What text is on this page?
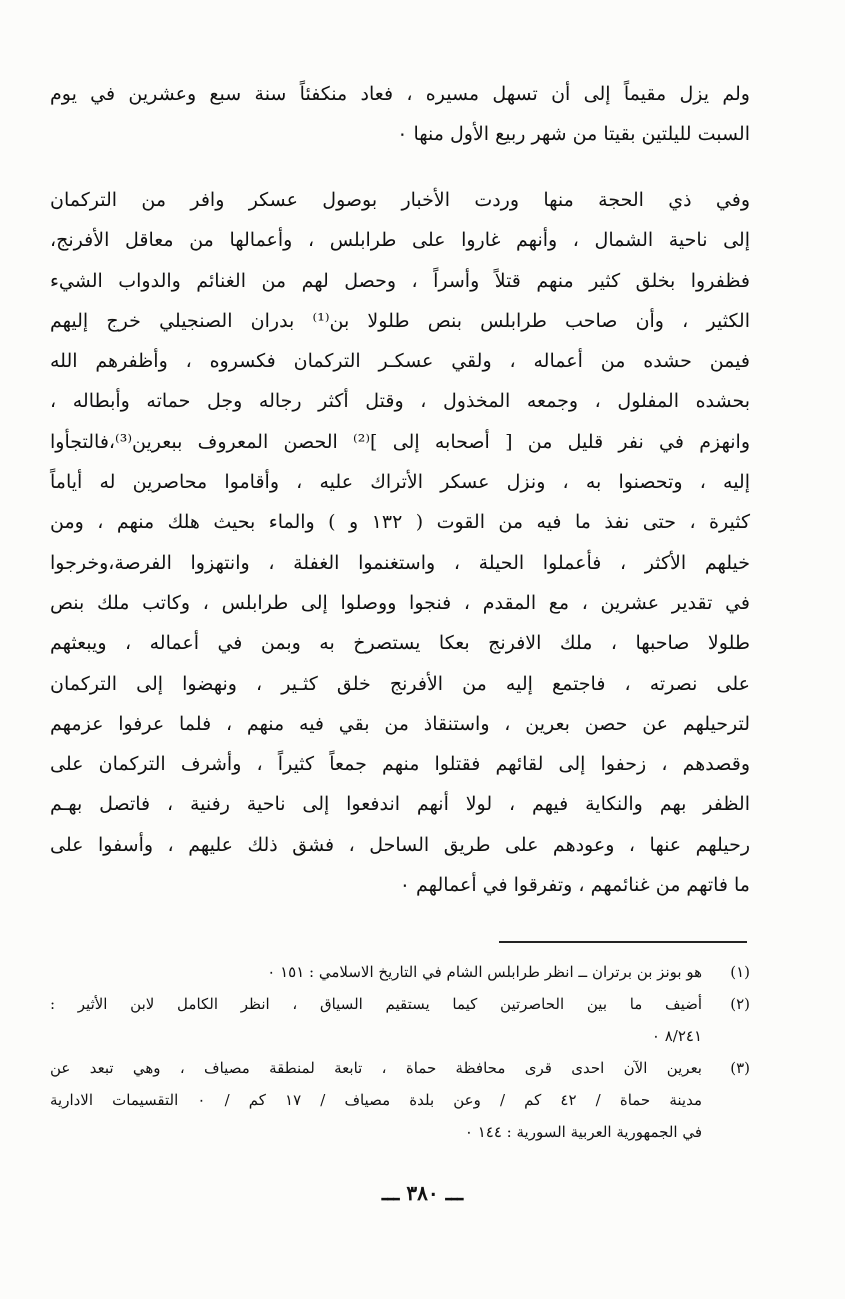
ولم يزل مقيماً إلى أن تسهل مسيره ، فعاد منكفئاً سنة سبع وعشرين في يوم
السبت لليلتين بقيتا من شهر ربيع الأول منها ٠
وفي ذي الحجة منها وردت الأخبار بوصول عسكر وافر من التركمان
إلى ناحية الشمال ، وأنهم غاروا على طرابلس ، وأعمالها من معاقل الأفرنج،
فظفروا بخلق كثير منهم قتلاً وأسراً ، وحصل لهم من الغنائم والدواب الشيء
الكثير ، وأن صاحب طرابلس بنص طلولا بن⁽¹⁾ بدران الصنجيلي خرج إليهم
فيمن حشده من أعماله ، ولقي عسكـر التركمان فكسروه ، وأظفرهم الله
بحشده المفلول ، وجمعه المخذول ، وقتل أكثر رجاله وجل حماته وأبطاله ،
وانهزم في نفر قليل من [ أصحابه إلى ]⁽²⁾ الحصن المعروف ببعرين⁽³⁾،فالتجأوا
إليه ، وتحصنوا به ، ونزل عسكر الأتراك عليه ، وأقاموا محاصرين له أياماً
كثيرة ، حتى نفذ ما فيه من القوت ( ١٣٢ و ) والماء بحيث هلك منهم ، ومن
خيلهم الأكثر ، فأعملوا الحيلة ، واستغنموا الغفلة ، وانتهزوا الفرصة،وخرجوا
في تقدير عشرين ، مع المقدم ، فنجوا ووصلوا إلى طرابلس ، وكاتب ملك بنص
طلولا صاحبها ، ملك الافرنج بعكا يستصرخ به وبمن في أعماله ، ويبعثهم
على نصرته ، فاجتمع إليه من الأفرنج خلق كثـير ، ونهضوا إلى التركمان
لترحيلهم عن حصن بعرين ، واستنقاذ من بقي فيه منهم ، فلما عرفوا عزمهم
وقصدهم ، زحفوا إلى لقائهم فقتلوا منهم جمعاً كثيراً ، وأشرف التركمان على
الظفر بهم والنكاية فيهم ، لولا أنهم اندفعوا إلى ناحية رفنية ، فاتصل بهـم
رحيلهم عنها ، وعودهم على طريق الساحل ، فشق ذلك عليهم ، وأسفوا على
ما فاتهم من غنائمهم ، وتفرقوا في أعمالهم ٠
(١)
هو بونز بن برتران ــ انظر طرابلس الشام في التاريخ الاسلامي : ١٥١ ٠
(٢)
أضيف ما بين الحاصرتين كيما يستقيم السياق ، انظر الكامل لابن الأثير :
٨/٢٤١ ٠
(٣)
بعرين الآن احدى قرى محافظة حماة ، تابعة لمنطقة مصياف ، وهي تبعد عن
مدينة حماة / ٤٢ كم / وعن بلدة مصياف / ١٧ كم / ٠ التقسيمات الادارية
في الجمهورية العربية السورية : ١٤٤ ٠
ـــ ٣٨٠ ـــ
